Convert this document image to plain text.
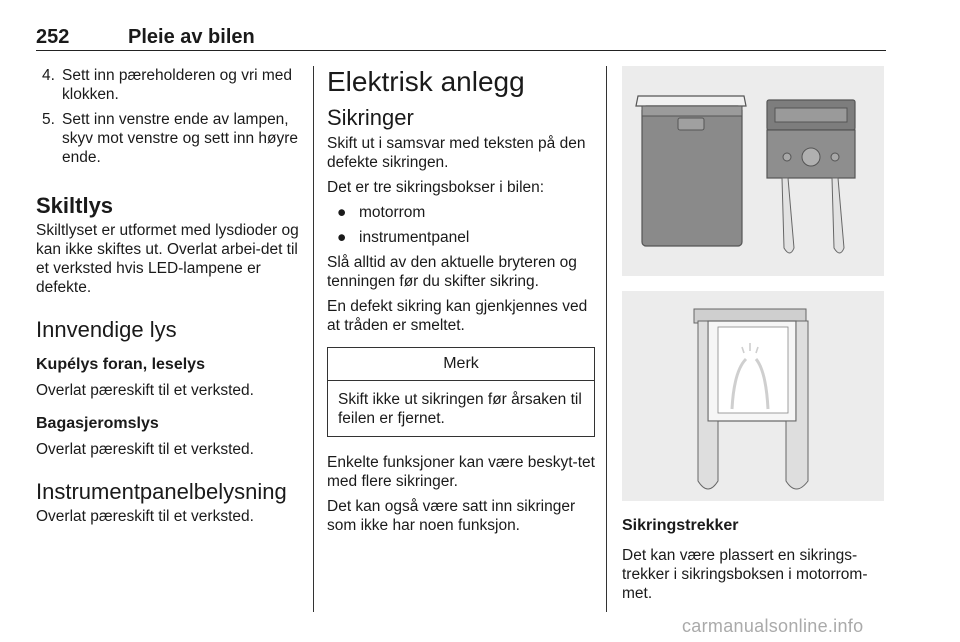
252	Pleie av bilen
4. Sett inn pæreholderen og vri med klokken.
5. Sett inn venstre ende av lampen, skyv mot venstre og sett inn høyre ende.
Skiltlys
Skiltlyset er utformet med lysdioder og kan ikke skiftes ut. Overlat arbei-det til et verksted hvis LED-lampene er defekte.
Innvendige lys
Kupélys foran, leselys
Overlat pæreskift til et verksted.
Bagasjeromslys
Overlat pæreskift til et verksted.
Instrumentpanelbelysning
Overlat pæreskift til et verksted.
Elektrisk anlegg
Sikringer
Skift ut i samsvar med teksten på den defekte sikringen.
Det er tre sikringsbokser i bilen:
● motorrom
● instrumentpanel
Slå alltid av den aktuelle bryteren og tenningen før du skifter sikring.
En defekt sikring kan gjenkjennes ved at tråden er smeltet.
Merk
Skift ikke ut sikringen før årsaken til feilen er fjernet.
Enkelte funksjoner kan være beskyt-tet med flere sikringer.
Det kan også være satt inn sikringer som ikke har noen funksjon.	Sikringstrekker
Det kan være plassert en sikrings-trekker i sikringsboksen i motorrom-met.
carmanualsonline.info
